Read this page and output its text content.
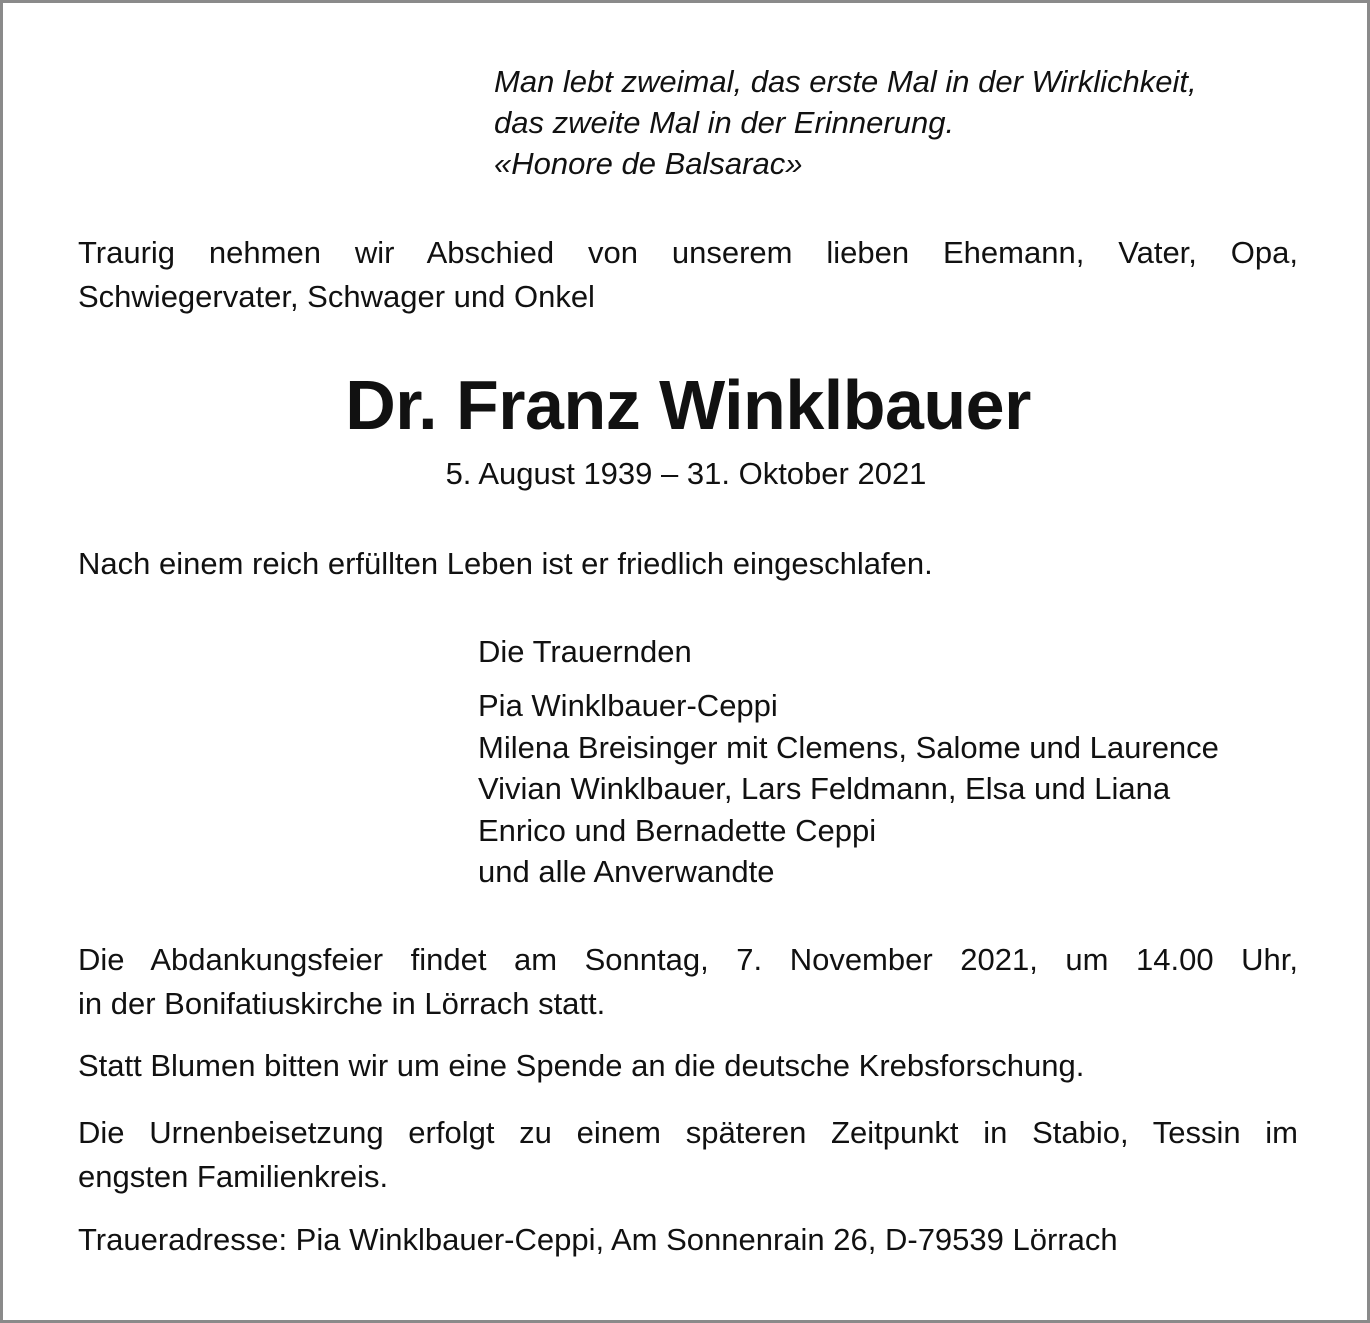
Man lebt zweimal, das erste Mal in der Wirklichkeit,
das zweite Mal in der Erinnerung.
«Honore de Balsarac»
Traurig nehmen wir Abschied von unserem lieben Ehemann, Vater, Opa,
Schwiegervater, Schwager und Onkel
Dr. Franz Winklbauer
5. August 1939 – 31. Oktober 2021
Nach einem reich erfüllten Leben ist er friedlich eingeschlafen.
Die Trauernden
Pia Winklbauer-Ceppi
Milena Breisinger mit Clemens, Salome und Laurence
Vivian Winklbauer, Lars Feldmann, Elsa und Liana
Enrico und Bernadette Ceppi
und alle Anverwandte
Die Abdankungsfeier findet am Sonntag, 7. November 2021, um 14.00 Uhr,
in der Bonifatiuskirche in Lörrach statt.
Statt Blumen bitten wir um eine Spende an die deutsche Krebsforschung.
Die Urnenbeisetzung erfolgt zu einem späteren Zeitpunkt in Stabio, Tessin im
engsten Familienkreis.
Traueradresse: Pia Winklbauer-Ceppi, Am Sonnenrain 26, D-79539 Lörrach
